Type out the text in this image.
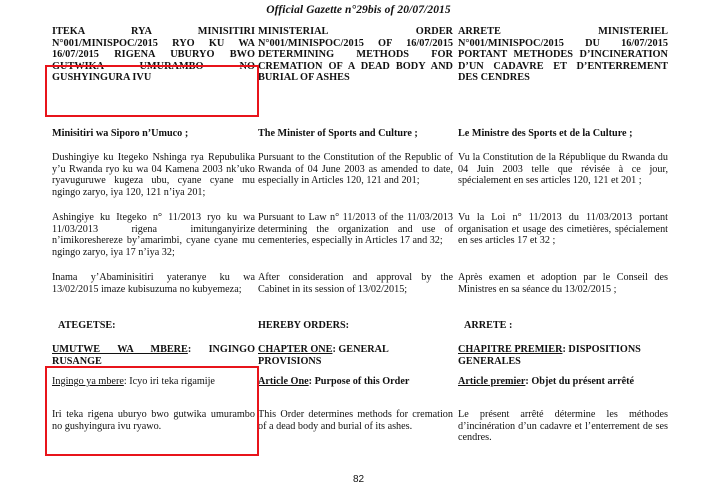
Official Gazette n°29bis of 20/07/2015
ITEKA RYA MINISITIRI N°001/MINISPOC/2015 RYO KU WA 16/07/2015 RIGENA UBURYO BWO GUTWIKA UMURAMBO NO GUSHYINGURA IVU
Minisitiri wa Siporo n’Umuco ;
Dushingiye ku Itegeko Nshinga rya Repubulika y’u Rwanda ryo ku wa 04 Kamena 2003 nk’uko ryavuguruwe kugeza ubu, cyane cyane mu ngingo zaryo, iya 120, 121 n’iya 201;
Ashingiye ku Itegeko n° 11/2013 ryo ku wa 11/03/2013 rigena imitunganyirize n’imikoreshereze by’amarimbi, cyane cyane mu ngingo zaryo, iya 17 n’iya 32;
Inama y’Abaminisitiri yateranye ku wa 13/02/2015 imaze kubisuzuma no kubyemeza;
ATEGETSE:
UMUTWE WA MBERE: INGINGO RUSANGE
Ingingo ya mbere: Icyo iri teka rigamije
Iri teka rigena uburyo bwo gutwika umurambo no gushyingura ivu ryawo.
MINISTERIAL ORDER N°001/MINISPOC/2015 OF 16/07/2015 DETERMINING METHODS FOR CREMATION OF A DEAD BODY AND BURIAL OF ASHES
The Minister of Sports and Culture ;
Pursuant to the Constitution of the Republic of Rwanda of 04 June 2003 as amended to date, especially in Articles 120, 121 and 201;
Pursuant to Law n° 11/2013 of the 11/03/2013 determining the organization and use of cementeries, especially in Articles 17 and 32;
After consideration and approval by the Cabinet in its session of 13/02/2015;
HEREBY ORDERS:
CHAPTER ONE: GENERAL PROVISIONS
Article One: Purpose of this Order
This Order determines methods for cremation of a dead body and burial of its ashes.
ARRETE MINISTERIEL N°001/MINISPOC/2015 DU 16/07/2015 PORTANT METHODES D’INCINERATION D’UN CADAVRE ET D’ENTERREMENT DES CENDRES
Le Ministre des Sports et de la Culture ;
Vu la Constitution de la République du Rwanda du 04 Juin 2003 telle que révisée à ce jour, spécialement en ses articles 120, 121 et 201 ;
Vu la Loi n° 11/2013 du 11/03/2013 portant organisation et usage des cimetières, spécialement en ses articles 17 et 32 ;
Après examen et adoption par le Conseil des Ministres en sa séance du 13/02/2015 ;
ARRETE :
CHAPITRE PREMIER: DISPOSITIONS GENERALES
Article premier: Objet du présent arrêté
Le présent arrêté détermine les méthodes d’incinération d’un cadavre et l’enterrement de ses cendres.
82
